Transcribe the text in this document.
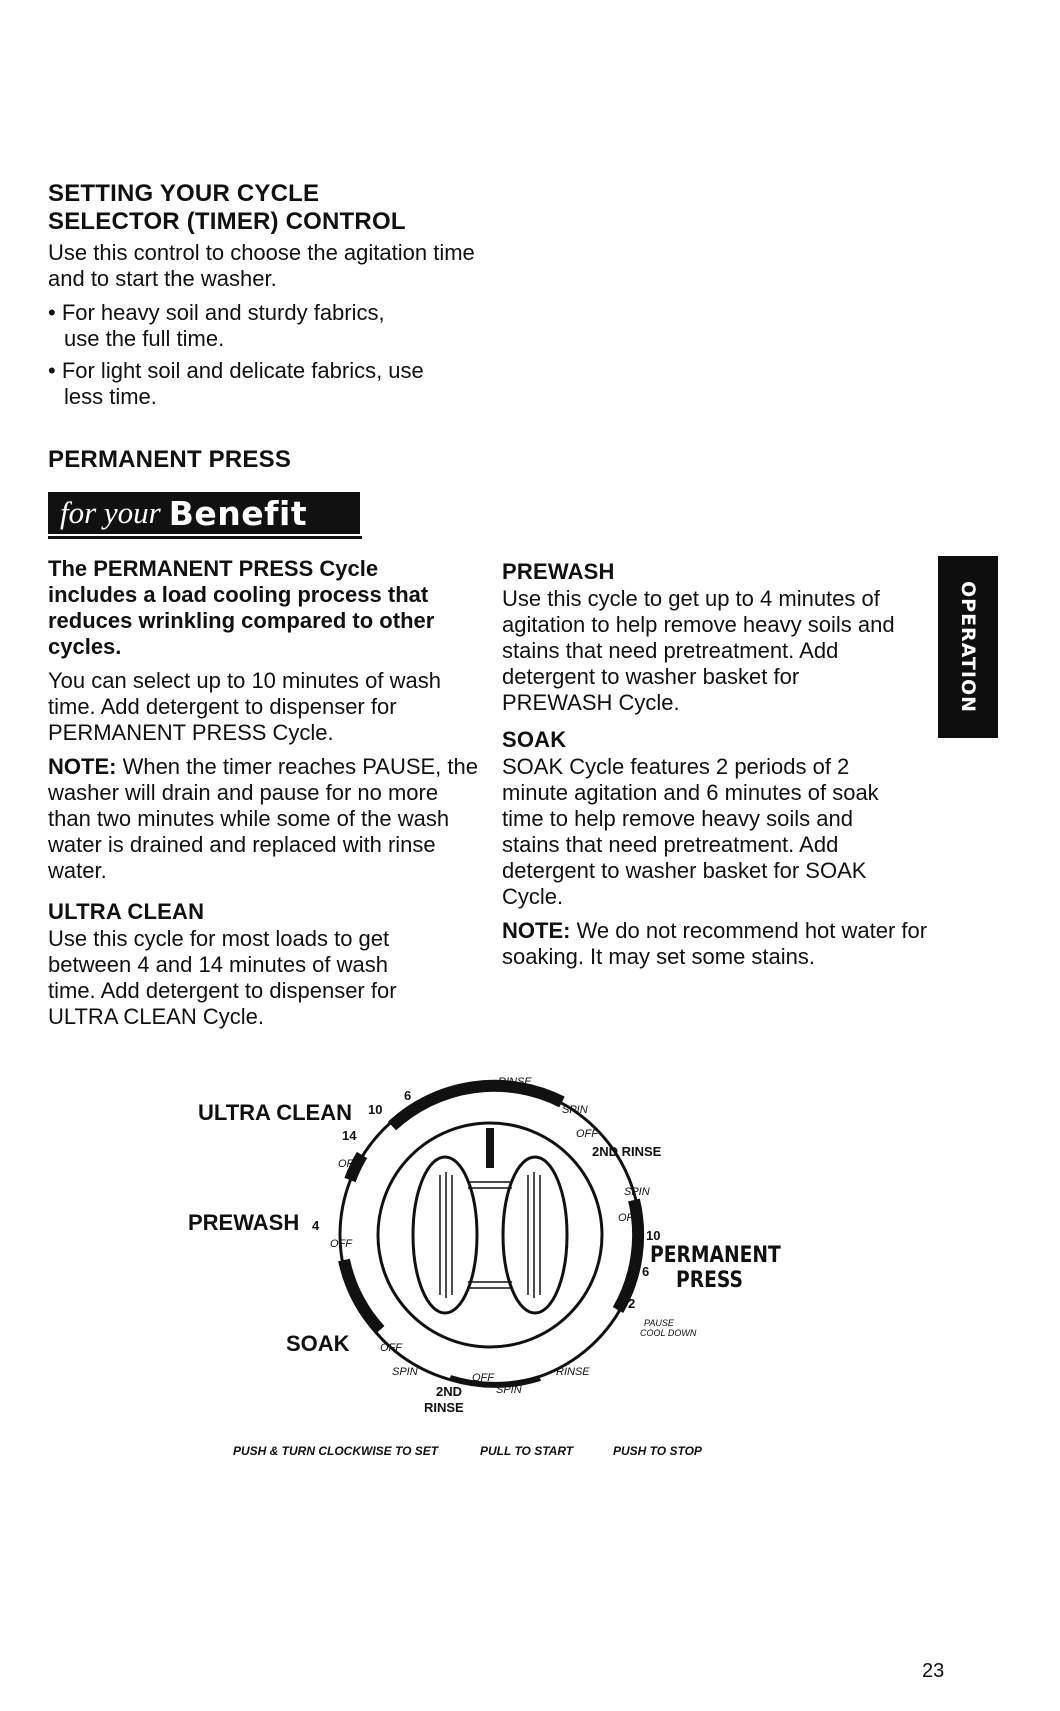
SETTING YOUR CYCLE
SELECTOR (TIMER) CONTROL

Use this control to choose the agitation time and to start the washer.

• For heavy soil and sturdy fabrics, use the full time.

• For light soil and delicate fabrics, use less time.

PERMANENT PRESS
for your Benefit

The PERMANENT PRESS Cycle includes a load cooling process that reduces wrinkling compared to other cycles.

You can select up to 10 minutes of wash time. Add detergent to dispenser for PERMANENT PRESS Cycle.

NOTE: When the timer reaches PAUSE, the washer will drain and pause for no more than two minutes while some of the wash water is drained and replaced with rinse water.

ULTRA CLEAN

Use this cycle for most loads to get between 4 and 14 minutes of wash time. Add detergent to dispenser for ULTRA CLEAN Cycle.

PREWASH

Use this cycle to get up to 4 minutes of agitation to help remove heavy soils and stains that need pretreatment. Add detergent to washer basket for PREWASH Cycle.

SOAK

SOAK Cycle features 2 periods of 2 minute agitation and 6 minutes of soak time to help remove heavy soils and stains that need pretreatment. Add detergent to washer basket for SOAK Cycle.

NOTE: We do not recommend hot water for soaking. It may set some stains.

OPERATION
ULTRA CLEAN
PREWASH
SOAK
PERMANENT
PRESS
6
10
14
4
10
6
2
2ND RINSE
RINSE
SPIN
OFF
SPIN
OFF
OFF
OFF
OFF
PAUSE
COOL DOWN
SPIN	OFF	RINSE
SPIN
2ND
RINSE
PUSH & TURN CLOCKWISE TO SET	PULL TO START	PUSH TO STOP
23
